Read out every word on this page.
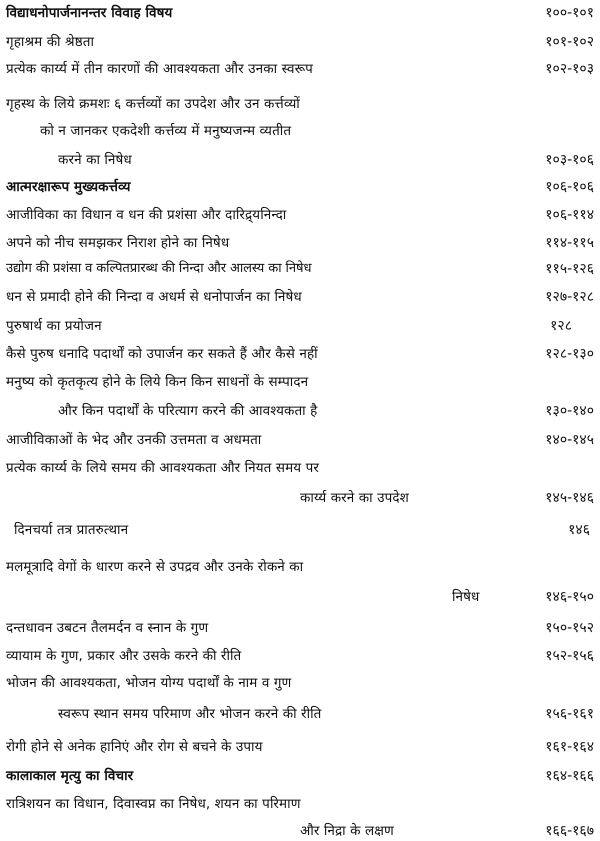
विद्याधनोपार्जनानन्तर विवाह विषय	१००-१०१
गृहाश्रम की श्रेष्ठता	१०१-१०२
प्रत्येक कार्य्य में तीन कारणों की आवश्यकता और उनका स्वरूप	१०२-१०३
गृहस्थ के लिये क्रमशः ६ कर्त्तव्यों का उपदेश और उन कर्त्तव्यों
को न जानकर एकदेशी कर्त्तव्य में मनुष्यजन्म व्यतीत
करने का निषेध	१०३-१०६
आत्मरक्षारूप मुख्यकर्त्तव्य	१०६-१०६
आजीविका का विधान व धन की प्रशंसा और दारिद्र्यनिन्दा	१०६-११४
अपने को नीच समझकर निराश होने का निषेध	११४-११५
उद्योग की प्रशंसा व कल्पितप्रारब्ध की निन्दा और आलस्य का निषेध	११५-१२६
धन से प्रमादी होने की निन्दा व अधर्म से धनोपार्जन का निषेध	१२७-१२८
पुरुषार्थ का प्रयोजन	१२८
कैसे पुरुष धनादि पदार्थों को उपार्जन कर सकते हैं और कैसे नहीं	१२८-१३०
मनुष्य को कृतकृत्य होने के लिये किन किन साधनों के सम्पादन
और किन पदार्थों के परित्याग करने की आवश्यकता है	१३०-१४०
आजीविकाओं के भेद और उनकी उत्तमता व अधमता	१४०-१४५
प्रत्येक कार्य्य के लिये समय की आवश्यकता और नियत समय पर
कार्य्य करने का उपदेश	१४५-१४६
दिनचर्या तत्र प्रातरुत्थान	१४६
मलमूत्रादि वेगों के धारण करने से उपद्रव और उनके रोकने का
निषेध	१४६-१५०
दन्तधावन उबटन तैलमर्दन व स्नान के गुण	१५०-१५२
व्यायाम के गुण, प्रकार और उसके करने की रीति	१५२-१५६
भोजन की आवश्यकता, भोजन योग्य पदार्थों के नाम व गुण
स्वरूप स्थान समय परिमाण और भोजन करने की रीति	१५६-१६१
रोगी होने से अनेक हानिएं और रोग से बचने के उपाय	१६१-१६४
कालाकाल मृत्यु का विचार	१६४-१६६
रात्रिशयन का विधान, दिवास्वप्न का निषेध, शयन का परिमाण
और निद्रा के लक्षण	१६६-१६७
